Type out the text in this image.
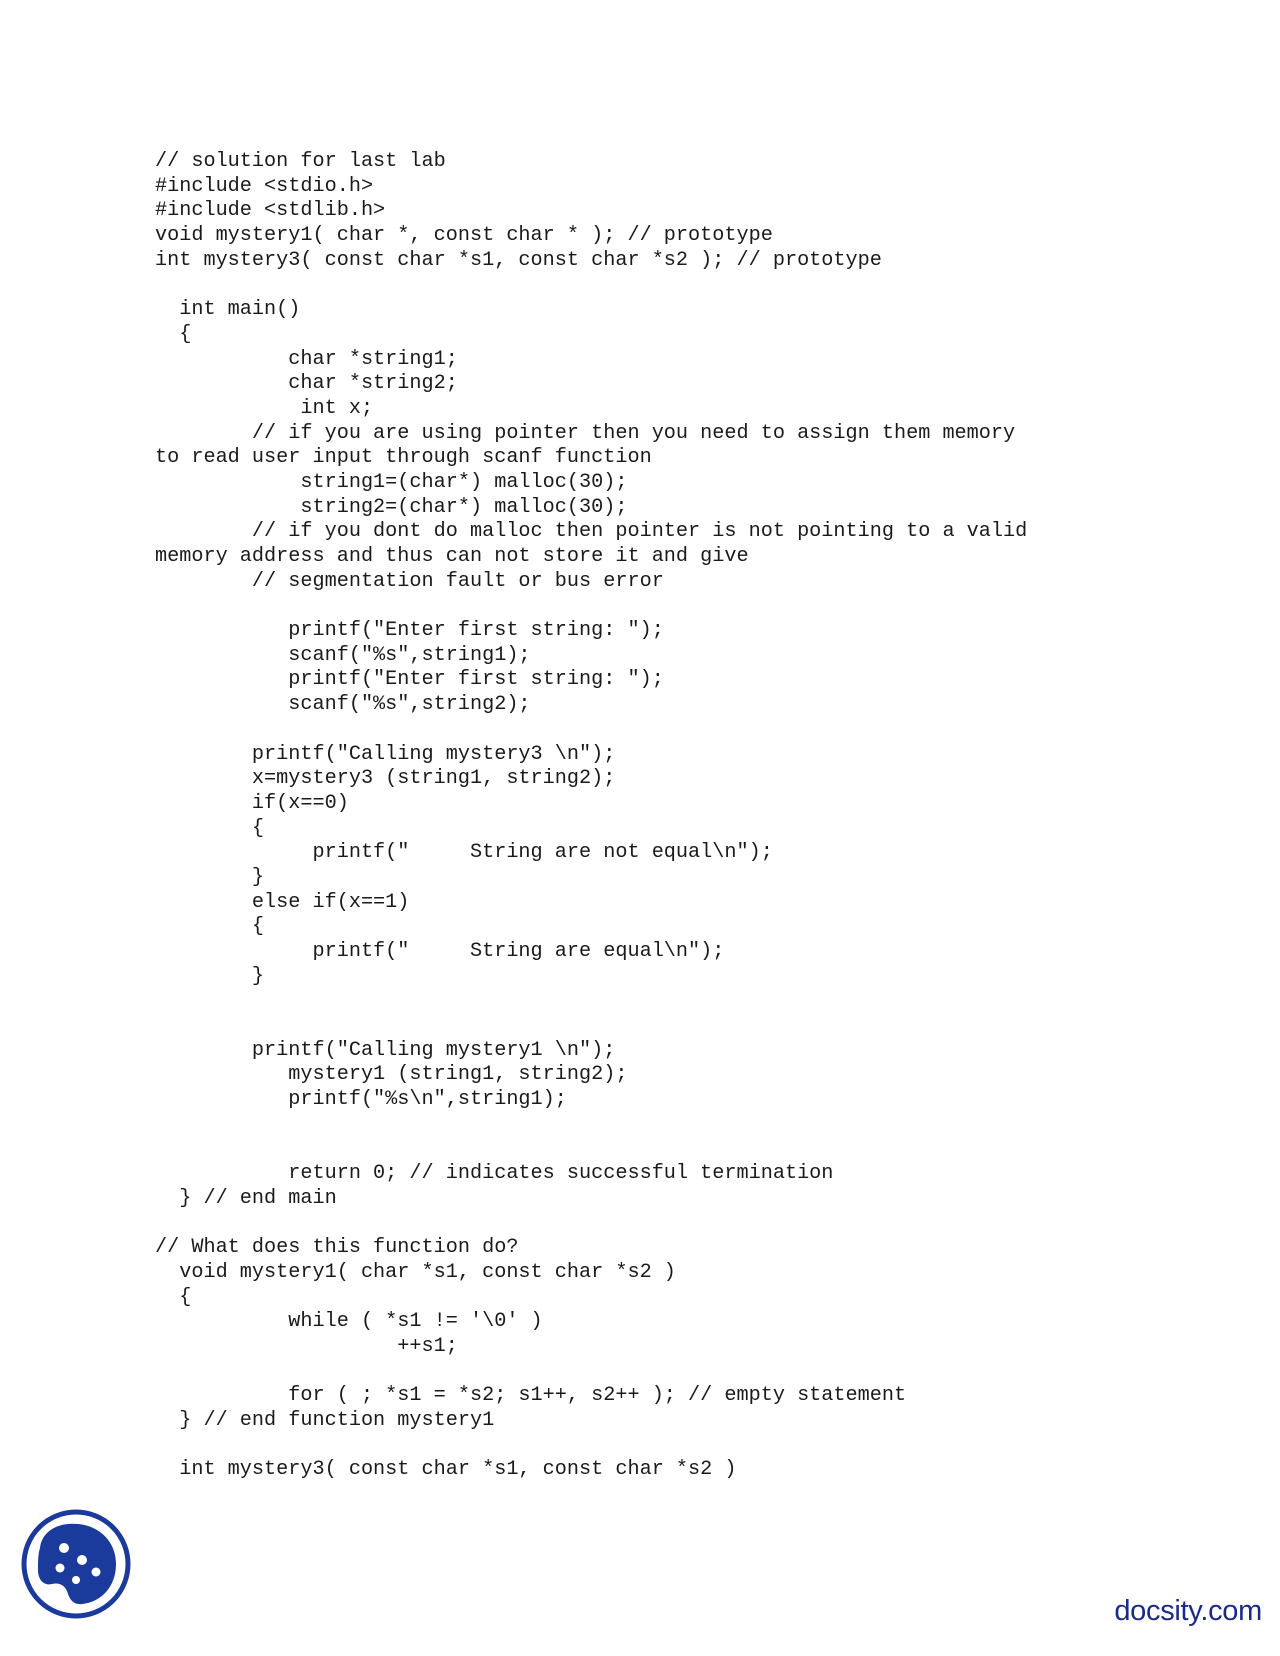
// solution for last lab
#include <stdio.h>
#include <stdlib.h>
void mystery1( char *, const char * ); // prototype
int mystery3( const char *s1, const char *s2 ); // prototype
int main()
{
char *string1;
char *string2;
int x;
// if you are using pointer then you need to assign them memory
to read user input through scanf function
string1=(char*) malloc(30);
string2=(char*) malloc(30);
// if you dont do malloc then pointer is not pointing to a valid
memory address and thus can not store it and give
// segmentation fault or bus error
printf("Enter first string: ");
scanf("%s",string1);
printf("Enter first string: ");
scanf("%s",string2);
printf("Calling mystery3 \n");
x=mystery3 (string1, string2);
if(x==0)
{
printf("     String are not equal\n");
}
else if(x==1)
{
printf("     String are equal\n");
}
printf("Calling mystery1 \n");
mystery1 (string1, string2);
printf("%s\n",string1);
return 0; // indicates successful termination
} // end main
// What does this function do?
void mystery1( char *s1, const char *s2 )
{
while ( *s1 != '\0' )
++s1;
for ( ; *s1 = *s2; s1++, s2++ ); // empty statement
} // end function mystery1
int mystery3( const char *s1, const char *s2 )
docsity.com
